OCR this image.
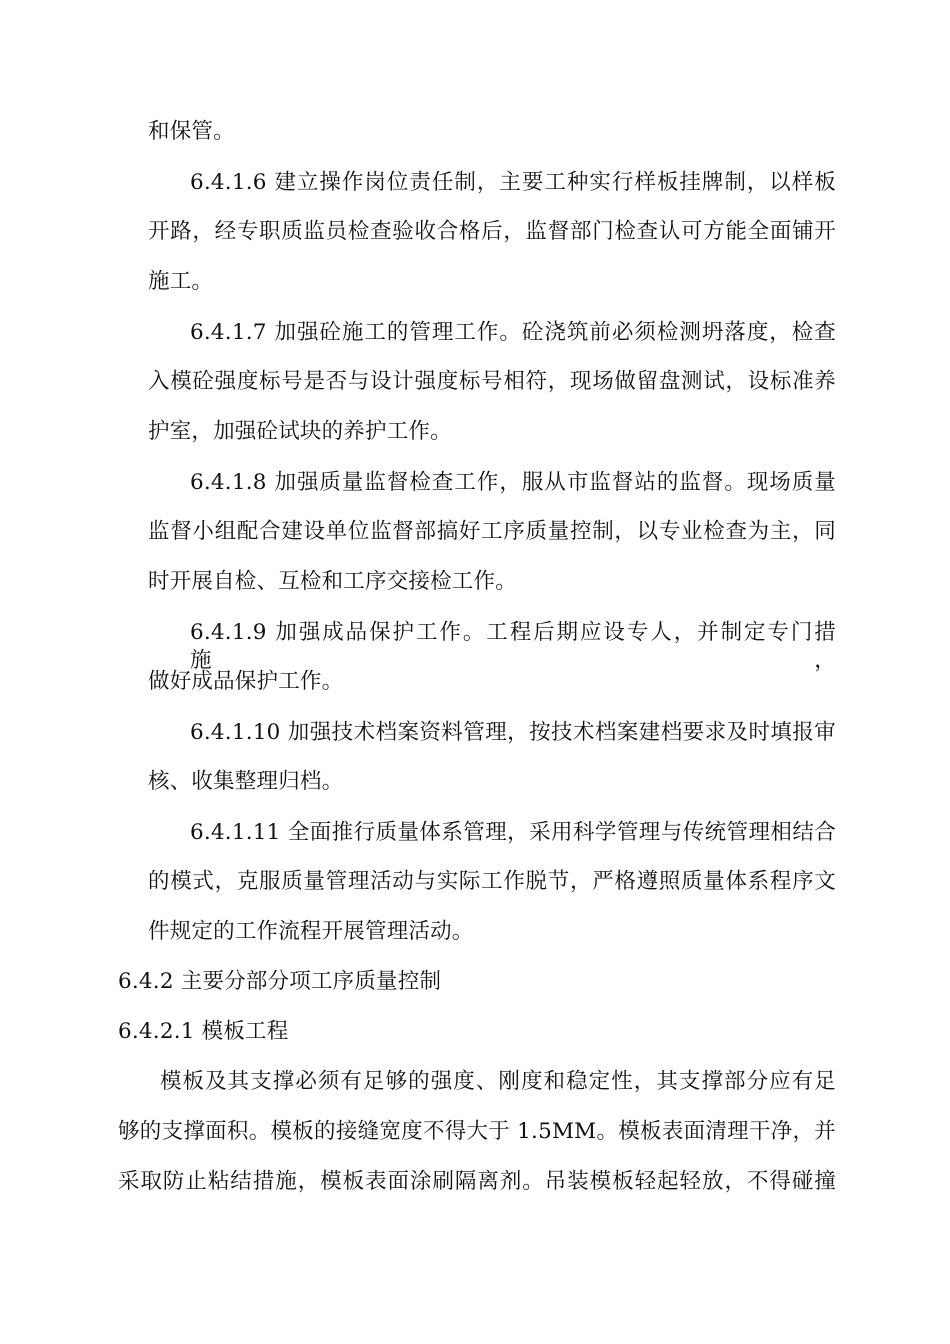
和保管。
6.4.1.6 建立操作岗位责任制，主要工种实行样板挂牌制，以样板
开路，经专职质监员检查验收合格后，监督部门检查认可方能全面铺开
施工。
6.4.1.7 加强砼施工的管理工作。砼浇筑前必须检测坍落度，检查
入模砼强度标号是否与设计强度标号相符，现场做留盘测试，设标准养
护室，加强砼试块的养护工作。
6.4.1.8 加强质量监督检查工作，服从市监督站的监督。现场质量
监督小组配合建设单位监督部搞好工序质量控制，以专业检查为主，同
时开展自检、互检和工序交接检工作。
6.4.1.9 加强成品保护工作。工程后期应设专人，并制定专门措施，
做好成品保护工作。
6.4.1.10 加强技术档案资料管理，按技术档案建档要求及时填报审
核、收集整理归档。
6.4.1.11 全面推行质量体系管理，采用科学管理与传统管理相结合
的模式，克服质量管理活动与实际工作脱节，严格遵照质量体系程序文
件规定的工作流程开展管理活动。
6.4.2 主要分部分项工序质量控制
6.4.2.1 模板工程
模板及其支撑必须有足够的强度、刚度和稳定性，其支撑部分应有足
够的支撑面积。模板的接缝宽度不得大于 1.5MM。模板表面清理干净，并
采取防止粘结措施，模板表面涂刷隔离剂。吊装模板轻起轻放，不得碰撞
